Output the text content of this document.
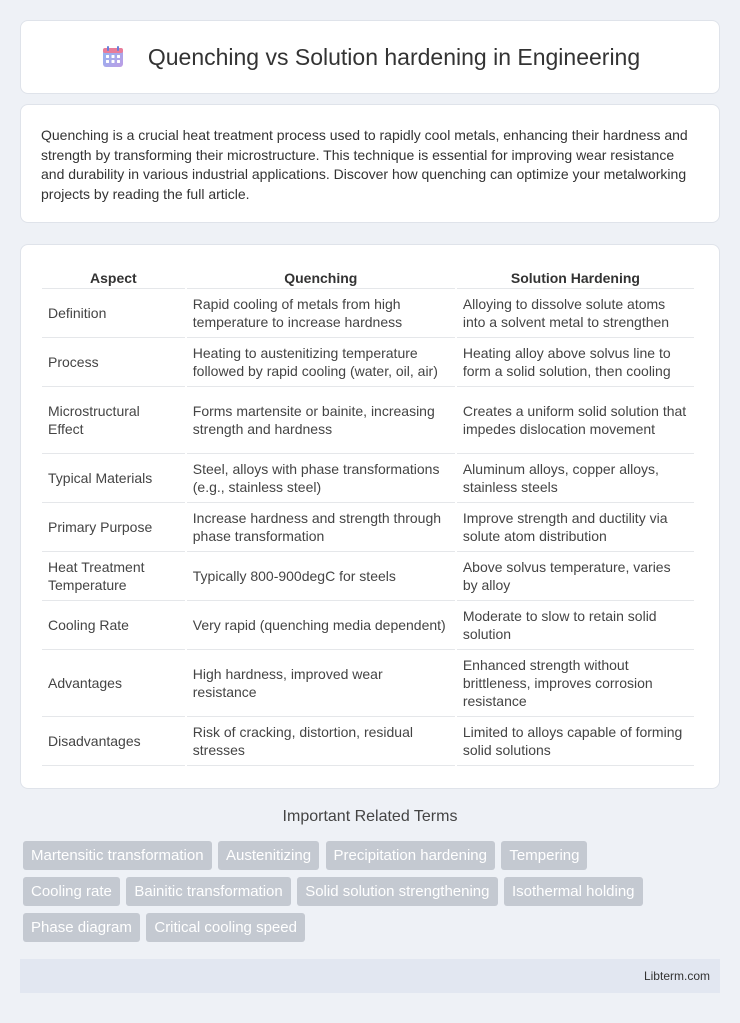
Quenching vs Solution hardening in Engineering

Quenching is a crucial heat treatment process used to rapidly cool metals, enhancing their hardness and strength by transforming their microstructure. This technique is essential for improving wear resistance and durability in various industrial applications. Discover how quenching can optimize your metalworking projects by reading the full article.

Aspect	Quenching	Solution Hardening
Definition	Rapid cooling of metals from high temperature to increase hardness	Alloying to dissolve solute atoms into a solvent metal to strengthen
Process	Heating to austenitizing temperature followed by rapid cooling (water, oil, air)	Heating alloy above solvus line to form a solid solution, then cooling
Microstructural Effect	Forms martensite or bainite, increasing strength and hardness	Creates a uniform solid solution that impedes dislocation movement
Typical Materials	Steel, alloys with phase transformations (e.g., stainless steel)	Aluminum alloys, copper alloys, stainless steels
Primary Purpose	Increase hardness and strength through phase transformation	Improve strength and ductility via solute atom distribution
Heat Treatment Temperature	Typically 800-900degC for steels	Above solvus temperature, varies by alloy
Cooling Rate	Very rapid (quenching media dependent)	Moderate to slow to retain solid solution
Advantages	High hardness, improved wear resistance	Enhanced strength without brittleness, improves corrosion resistance
Disadvantages	Risk of cracking, distortion, residual stresses	Limited to alloys capable of forming solid solutions
Important Related Terms
Martensitic transformation Austenitizing Precipitation hardening Tempering
Cooling rate Bainitic transformation Solid solution strengthening Isothermal holding
Phase diagram Critical cooling speed
Libterm.com
